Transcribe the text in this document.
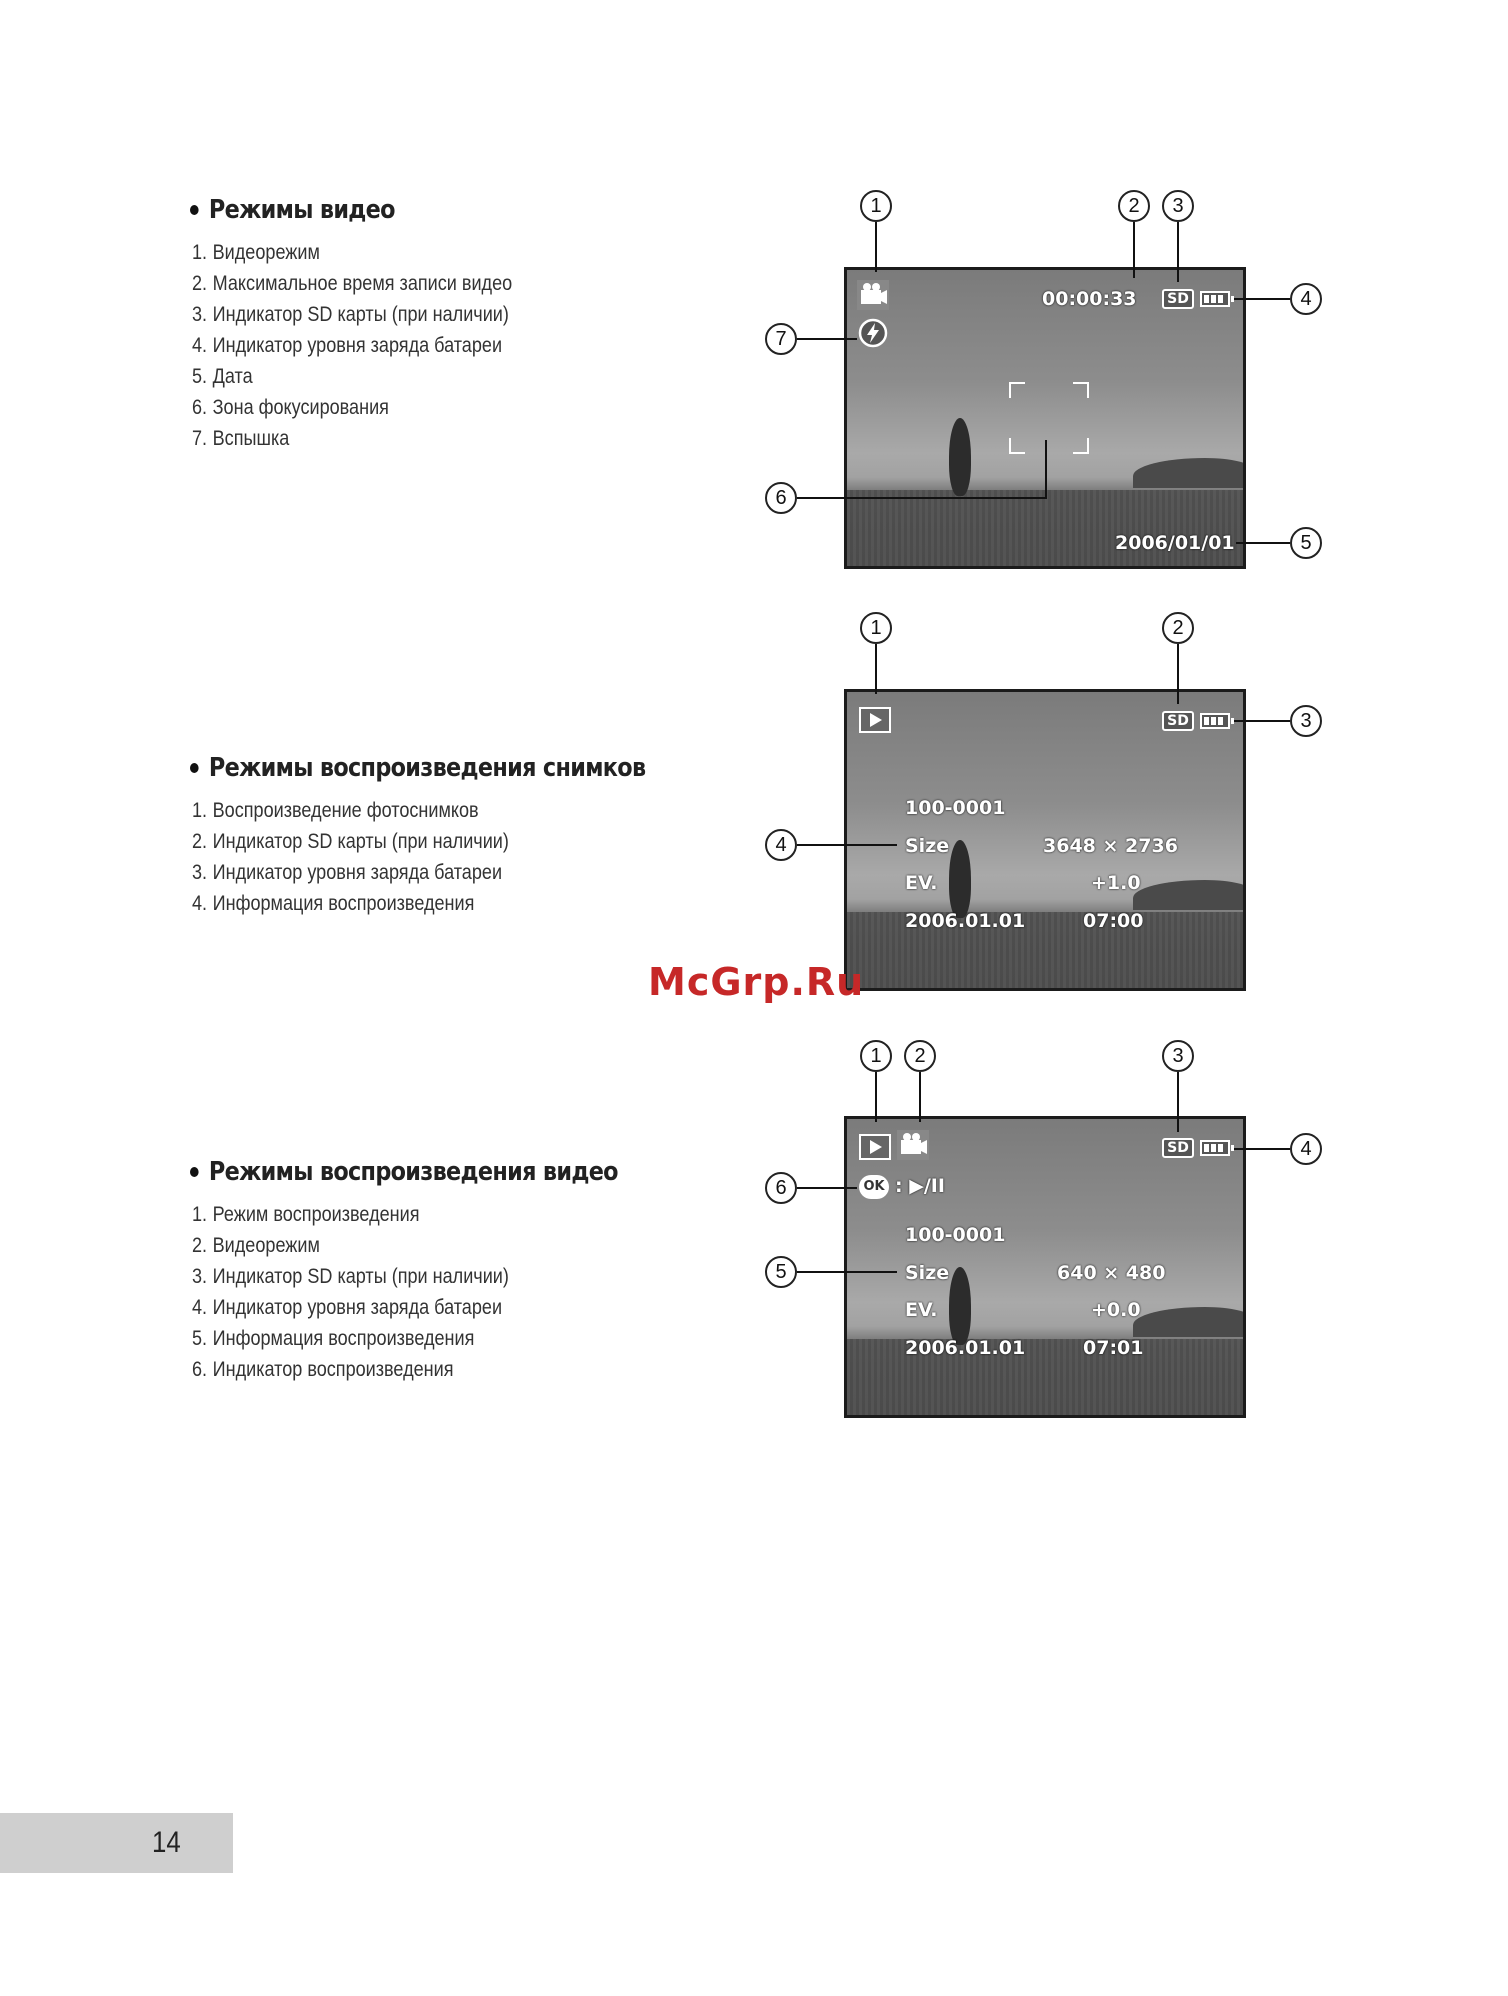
Режимы видео
1. Видеорежим
2. Максимальное время записи видео
3. Индикатор SD карты (при наличии)
4. Индикатор уровня заряда батареи
5. Дата
6. Зона фокусирования
7. Вспышка
Режимы воспроизведения снимков
1. Воспроизведение фотоснимков
2. Индикатор SD карты (при наличии)
3. Индикатор уровня заряда батареи
4. Информация воспроизведения
Режимы воспроизведения видео
1. Режим воспроизведения
2. Видеорежим
3. Индикатор SD карты (при наличии)
4. Индикатор уровня заряда батареи
5. Информация воспроизведения
6. Индикатор воспроизведения
00:00:33	SD
2006/01/01
1	2	3
4
5
6
7
SD
100-0001
Size	3648 × 2736
EV.	+1.0
2006.01.01	07:00
1	2
3
4
SD
OK : ▶/II
100-0001
Size	640 × 480
EV.	+0.0
2006.01.01	07:01
1	2	3
4
5
6
McGrp.Ru
14
